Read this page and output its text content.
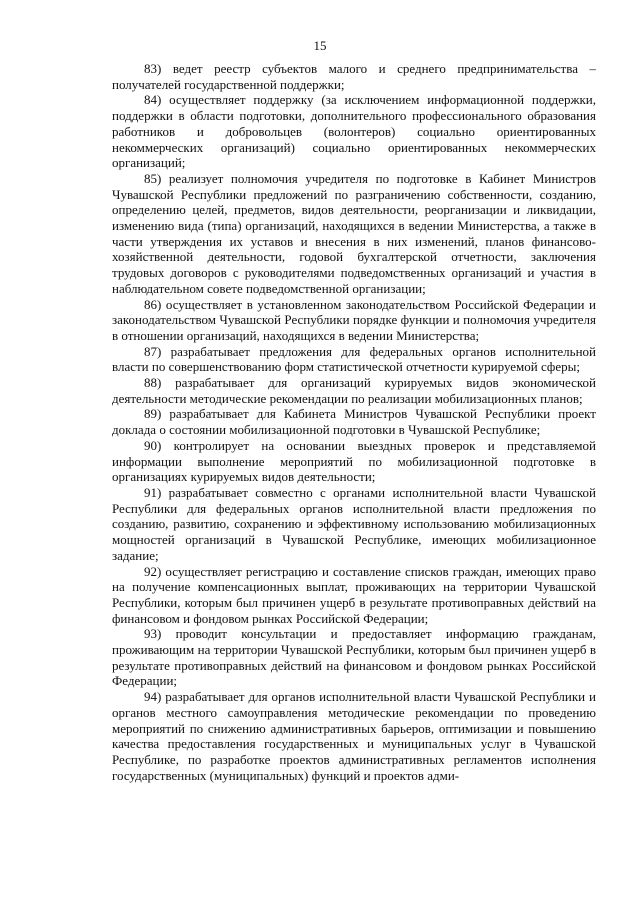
15

83) ведет реестр субъектов малого и среднего предпринимательства – получателей государственной поддержки;

84) осуществляет поддержку (за исключением информационной поддержки, поддержки в области подготовки, дополнительного профессионального образования работников и добровольцев (волонтеров) социально ориентированных некоммерческих организаций) социально ориентированных некоммерческих организаций;

85) реализует полномочия учредителя по подготовке в Кабинет Министров Чувашской Республики предложений по разграничению собственности, созданию, определению целей, предметов, видов деятельности, реорганизации и ликвидации, изменению вида (типа) организаций, находящихся в ведении Министерства, а также в части утверждения их уставов и внесения в них изменений, планов финансово-хозяйственной деятельности, годовой бухгалтерской отчетности, заключения трудовых договоров с руководителями подведомственных организаций и участия в наблюдательном совете подведомственной организации;

86) осуществляет в установленном законодательством Российской Федерации и законодательством Чувашской Республики порядке функции и полномочия учредителя в отношении организаций, находящихся в ведении Министерства;

87) разрабатывает предложения для федеральных органов исполнительной власти по совершенствованию форм статистической отчетности курируемой сферы;

88) разрабатывает для организаций курируемых видов экономической деятельности методические рекомендации по реализации мобилизационных планов;

89) разрабатывает для Кабинета Министров Чувашской Республики проект доклада о состоянии мобилизационной подготовки в Чувашской Республике;

90) контролирует на основании выездных проверок и представляемой информации выполнение мероприятий по мобилизационной подготовке в организациях курируемых видов деятельности;

91) разрабатывает совместно с органами исполнительной власти Чувашской Республики для федеральных органов исполнительной власти предложения по созданию, развитию, сохранению и эффективному использованию мобилизационных мощностей организаций в Чувашской Республике, имеющих мобилизационное задание;

92) осуществляет регистрацию и составление списков граждан, имеющих право на получение компенсационных выплат, проживающих на территории Чувашской Республики, которым был причинен ущерб в результате противоправных действий на финансовом и фондовом рынках Российской Федерации;

93) проводит консультации и предоставляет информацию гражданам, проживающим на территории Чувашской Республики, которым был причинен ущерб в результате противоправных действий на финансовом и фондовом рынках Российской Федерации;

94) разрабатывает для органов исполнительной власти Чувашской Республики и органов местного самоуправления методические рекомендации по проведению мероприятий по снижению административных барьеров, оптимизации и повышению качества предоставления государственных и муниципальных услуг в Чувашской Республике, по разработке проектов административных регламентов исполнения государственных (муниципальных) функций и проектов адми-
